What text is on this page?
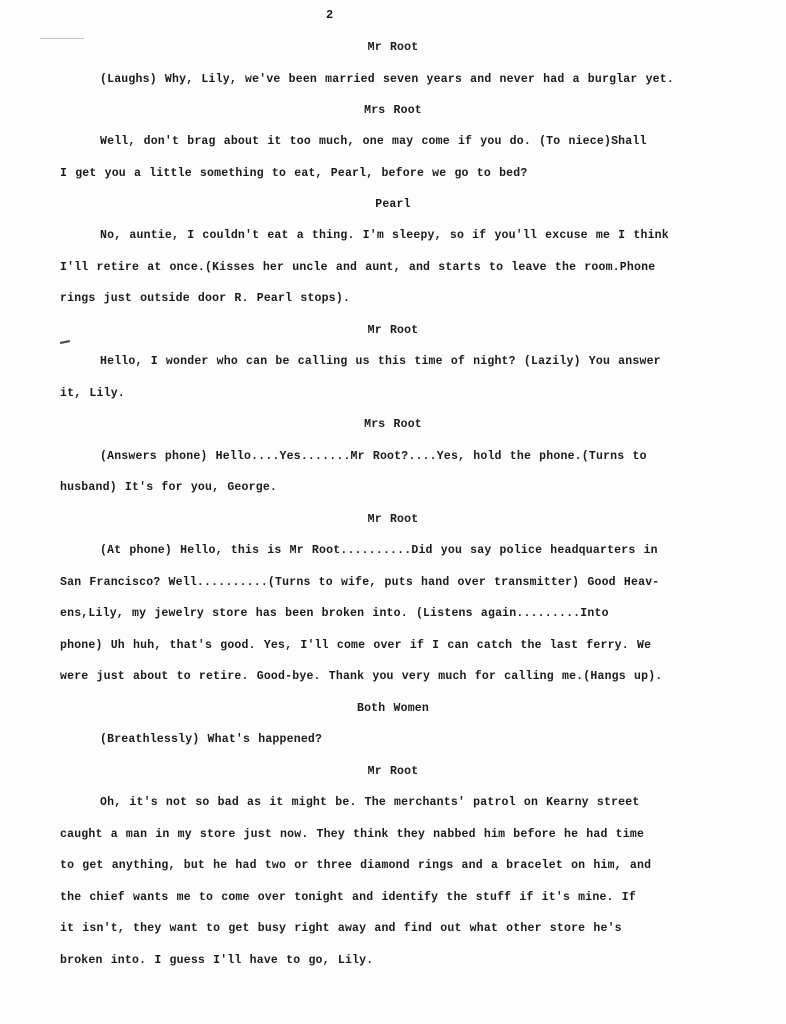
2
Mr Root
(Laughs) Why, Lily, we've been married seven years and never had a burglar yet.
Mrs Root
Well, don't brag about it too much, one may come if you do. (To niece)Shall
I get you a little something to eat, Pearl, before we go to bed?
Pearl
No, auntie, I couldn't eat a thing. I'm sleepy, so if you'll excuse me I think
I'll retire at once.(Kisses her uncle and aunt, and starts to leave the room.Phone
rings just outside door R. Pearl stops).
Mr Root
Hello, I wonder who can be calling us this time of night? (Lazily) You answer
it, Lily.
Mrs Root
(Answers phone) Hello....Yes.......Mr Root?....Yes, hold the phone.(Turns to
husband) It's for you, George.
Mr Root
(At phone) Hello, this is Mr Root..........Did you say police headquarters in
San Francisco? Well..........(Turns to wife, puts hand over transmitter) Good Heav-
ens,Lily, my jewelry store has been broken into. (Listens again.........Into
phone) Uh huh, that's good. Yes, I'll come over if I can catch the last ferry. We
were just about to retire. Good-bye. Thank you very much for calling me.(Hangs up).
Both Women
(Breathlessly) What's happened?
Mr Root
Oh, it's not so bad as it might be. The merchants' patrol on Kearny street
caught a man in my store just now. They think they nabbed him before he had time
to get anything, but he had two or three diamond rings and a bracelet on him, and
the chief wants me to come over tonight and identify the stuff if it's mine. If
it isn't, they want to get busy right away and find out what other store he's
broken into. I guess I'll have to go, Lily.
